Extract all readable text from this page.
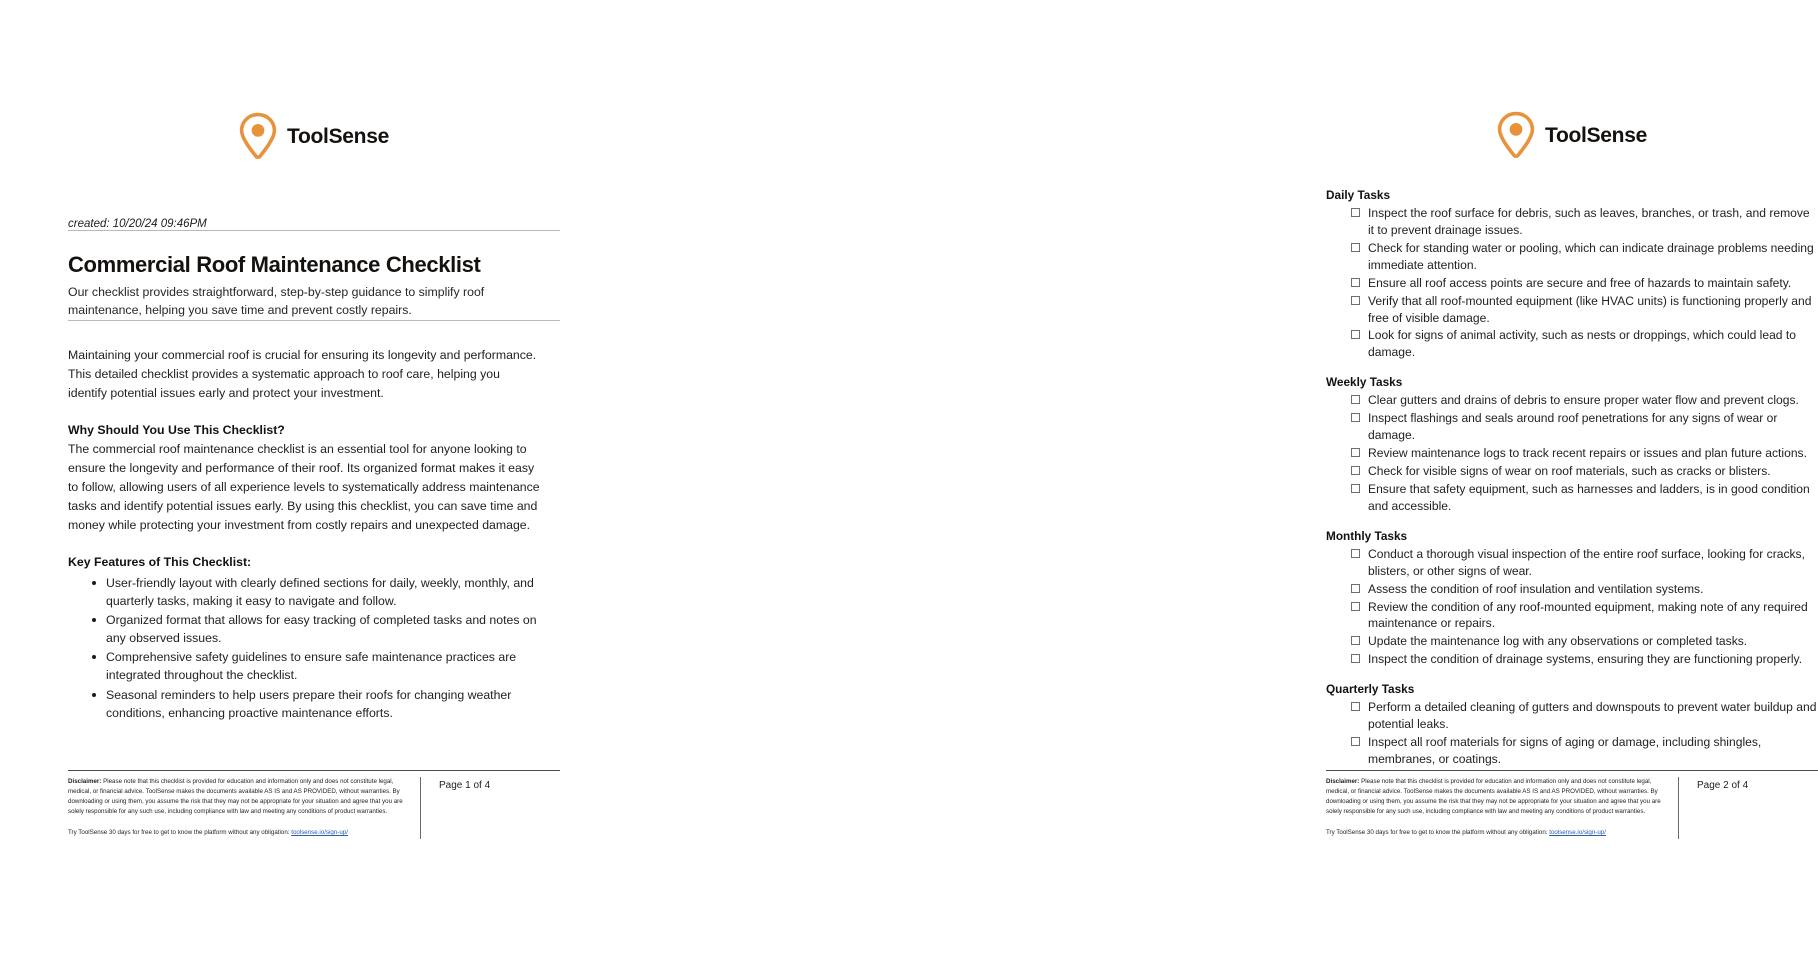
ToolSense
created: 10/20/24 09:46PM
Commercial Roof Maintenance Checklist
Our checklist provides straightforward, step-by-step guidance to simplify roof maintenance, helping you save time and prevent costly repairs.

Maintaining your commercial roof is crucial for ensuring its longevity and performance. This detailed checklist provides a systematic approach to roof care, helping you identify potential issues early and protect your investment.

Why Should You Use This Checklist?

The commercial roof maintenance checklist is an essential tool for anyone looking to ensure the longevity and performance of their roof. Its organized format makes it easy to follow, allowing users of all experience levels to systematically address maintenance tasks and identify potential issues early. By using this checklist, you can save time and money while protecting your investment from costly repairs and unexpected damage.

Key Features of This Checklist:
User-friendly layout with clearly defined sections for daily, weekly, monthly, and quarterly tasks, making it easy to navigate and follow.
Organized format that allows for easy tracking of completed tasks and notes on any observed issues.
Comprehensive safety guidelines to ensure safe maintenance practices are integrated throughout the checklist.
Seasonal reminders to help users prepare their roofs for changing weather conditions, enhancing proactive maintenance efforts.

Disclaimer: Please note that this checklist is provided for education and information only and does not constitute legal, medical, or financial advice. ToolSense makes the documents available AS IS and AS PROVIDED, without warranties. By downloading or using them, you assume the risk that they may not be appropriate for your situation and agree that you are solely responsible for any such use, including compliance with law and meeting any conditions of product warranties.

Try ToolSense 30 days for free to get to know the platform without any obligation: toolsense.io/sign-up/

Page 1 of 4
ToolSense
Daily Tasks
Inspect the roof surface for debris, such as leaves, branches, or trash, and remove it to prevent drainage issues.
Check for standing water or pooling, which can indicate drainage problems needing immediate attention.
Ensure all roof access points are secure and free of hazards to maintain safety.
Verify that all roof-mounted equipment (like HVAC units) is functioning properly and free of visible damage.
Look for signs of animal activity, such as nests or droppings, which could lead to damage.
Weekly Tasks
Clear gutters and drains of debris to ensure proper water flow and prevent clogs.
Inspect flashings and seals around roof penetrations for any signs of wear or damage.
Review maintenance logs to track recent repairs or issues and plan future actions.
Check for visible signs of wear on roof materials, such as cracks or blisters.
Ensure that safety equipment, such as harnesses and ladders, is in good condition and accessible.
Monthly Tasks
Conduct a thorough visual inspection of the entire roof surface, looking for cracks, blisters, or other signs of wear.
Assess the condition of roof insulation and ventilation systems.
Review the condition of any roof-mounted equipment, making note of any required maintenance or repairs.
Update the maintenance log with any observations or completed tasks.
Inspect the condition of drainage systems, ensuring they are functioning properly.
Quarterly Tasks
Perform a detailed cleaning of gutters and downspouts to prevent water buildup and potential leaks.
Inspect all roof materials for signs of aging or damage, including shingles, membranes, or coatings.

Disclaimer: Please note that this checklist is provided for education and information only and does not constitute legal, medical, or financial advice. ToolSense makes the documents available AS IS and AS PROVIDED, without warranties. By downloading or using them, you assume the risk that they may not be appropriate for your situation and agree that you are solely responsible for any such use, including compliance with law and meeting any conditions of product warranties.

Try ToolSense 30 days for free to get to know the platform without any obligation: toolsense.io/sign-up/

Page 2 of 4
